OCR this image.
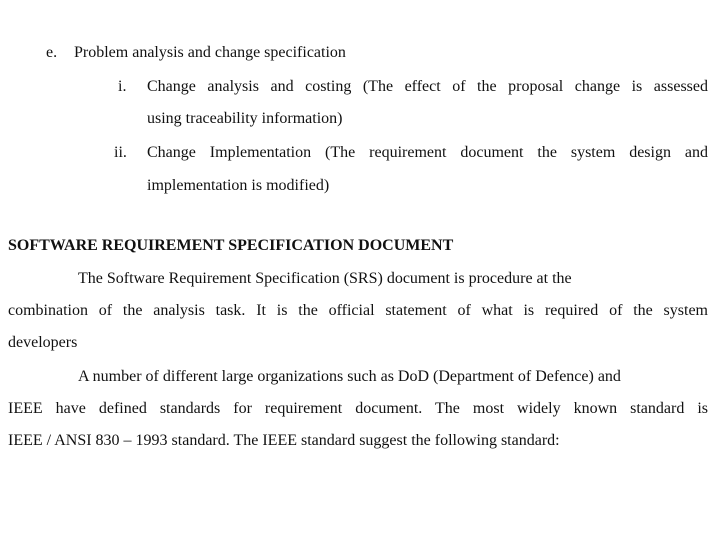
e. Problem analysis and change specification
i. Change analysis and costing (The effect of the proposal change is assessed
using traceability information)
ii. Change Implementation (The requirement document the system design and
implementation is modified)
SOFTWARE REQUIREMENT SPECIFICATION DOCUMENT
The Software Requirement Specification (SRS) document is procedure at the
combination of the analysis task. It is the official statement of what is required of the system
developers
A number of different large organizations such as DoD (Department of Defence) and
IEEE have defined standards for requirement document. The most widely known standard is
IEEE / ANSI 830 – 1993 standard. The IEEE standard suggest the following standard:
